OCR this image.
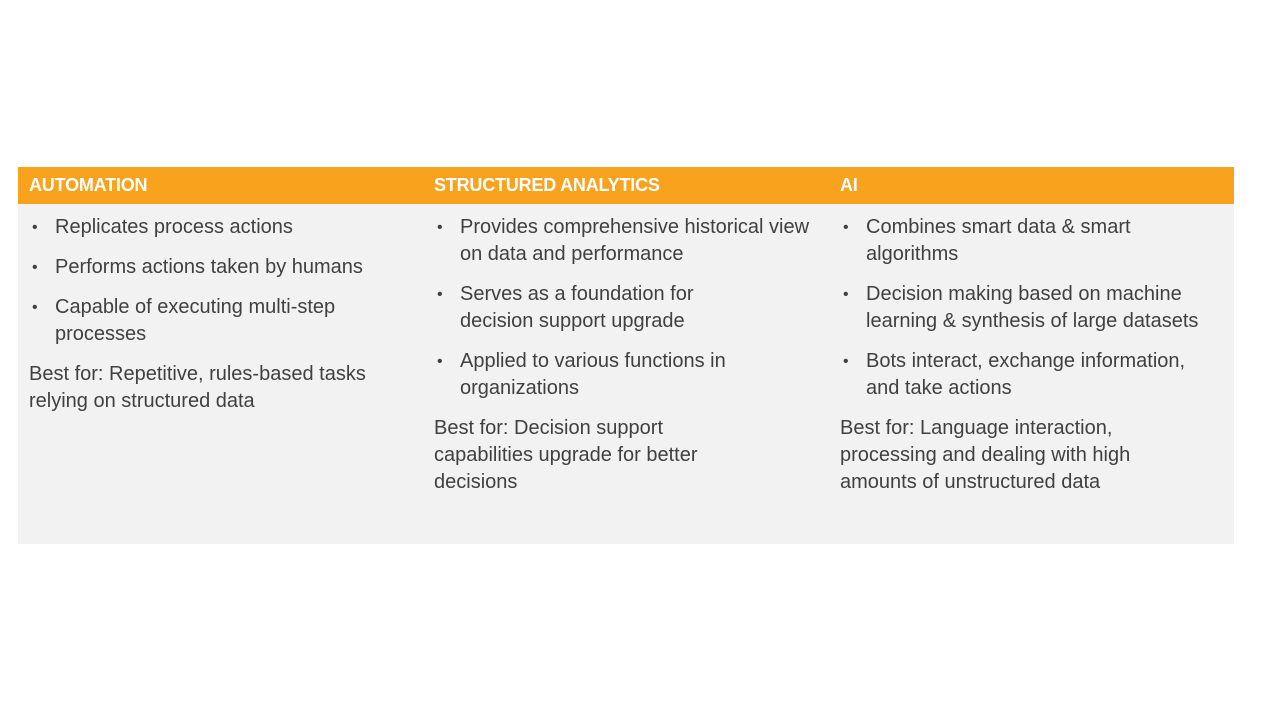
AUTOMATION	STRUCTURED ANALYTICS	AI
• Replicates process actions
• Performs actions taken by humans
• Capable of executing multi-step processes
Best for: Repetitive, rules-based tasks relying on structured data
• Provides comprehensive historical view on data and performance
• Serves as a foundation for decision support upgrade
• Applied to various functions in organizations
Best for: Decision support capabilities upgrade for better decisions
• Combines smart data & smart algorithms
• Decision making based on machine learning & synthesis of large datasets
• Bots interact, exchange information, and take actions
Best for: Language interaction, processing and dealing with high amounts of unstructured data
